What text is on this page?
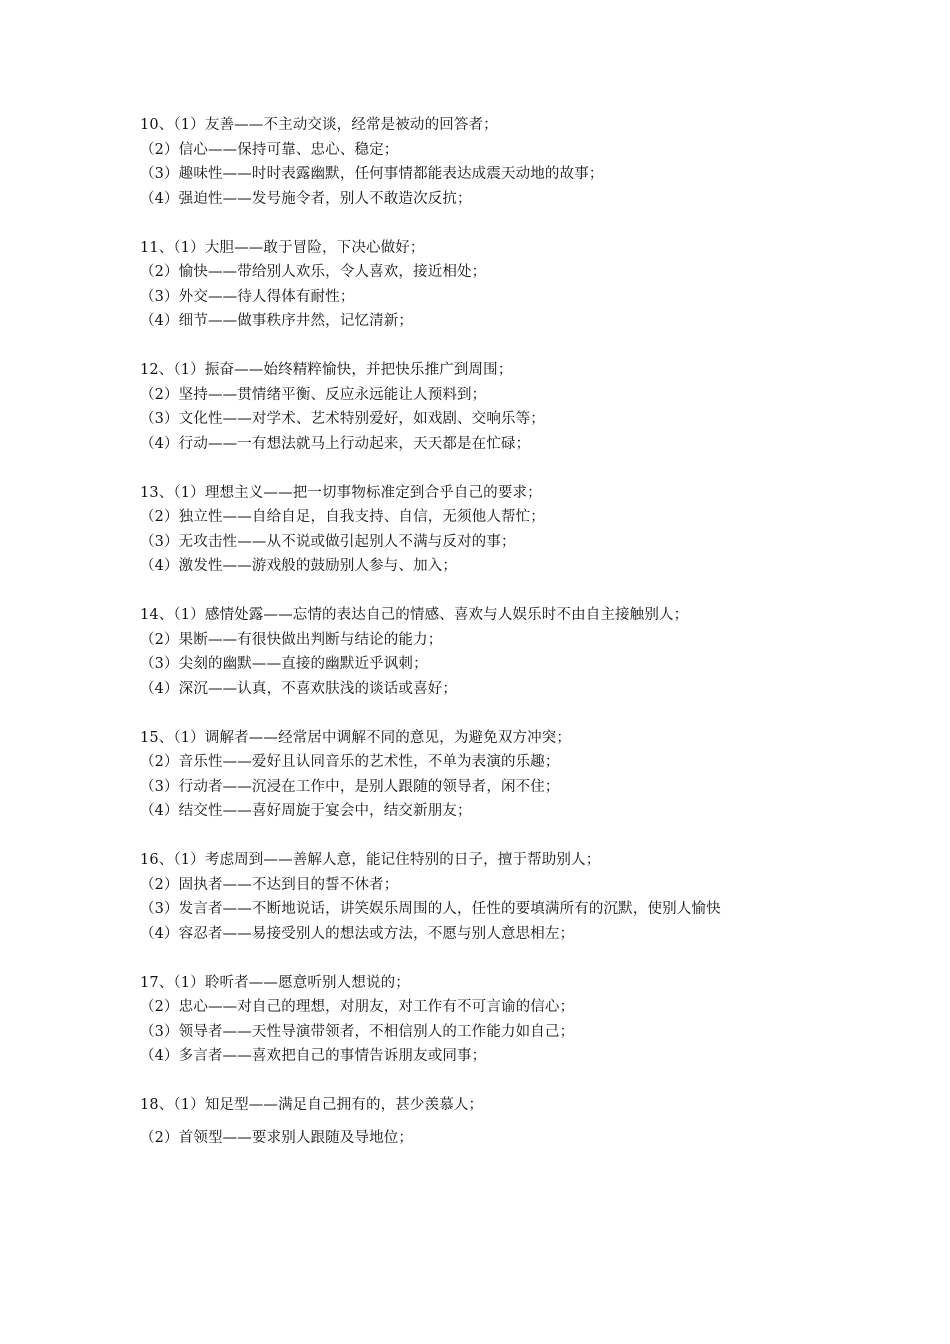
10、（1）友善——不主动交谈，经常是被动的回答者；
（2）信心——保持可靠、忠心、稳定；
（3）趣味性——时时表露幽默，任何事情都能表达成震天动地的故事；
（4）强迫性——发号施令者，别人不敢造次反抗；
11、（1）大胆——敢于冒险，下决心做好；
（2）愉快——带给别人欢乐，令人喜欢，接近相处；
（3）外交——待人得体有耐性；
（4）细节——做事秩序井然，记忆清新；
12、（1）振奋——始终精粹愉快，并把快乐推广到周围；
（2）坚持——贯情绪平衡、反应永远能让人预料到；
（3）文化性——对学术、艺术特别爱好，如戏剧、交响乐等；
（4）行动——一有想法就马上行动起来，天天都是在忙碌；
13、（1）理想主义——把一切事物标准定到合乎自己的要求；
（2）独立性——自给自足，自我支持、自信，无须他人帮忙；
（3）无攻击性——从不说或做引起别人不满与反对的事；
（4）激发性——游戏般的鼓励别人参与、加入；
14、（1）感情处露——忘情的表达自己的情感、喜欢与人娱乐时不由自主接触别人；
（2）果断——有很快做出判断与结论的能力；
（3）尖刻的幽默——直接的幽默近乎讽刺；
（4）深沉——认真，不喜欢肤浅的谈话或喜好；
15、（1）调解者——经常居中调解不同的意见，为避免双方冲突；
（2）音乐性——爱好且认同音乐的艺术性，不单为表演的乐趣；
（3）行动者——沉浸在工作中，是别人跟随的领导者，闲不住；
（4）结交性——喜好周旋于宴会中，结交新朋友；
16、（1）考虑周到——善解人意，能记住特别的日子，擅于帮助别人；
（2）固执者——不达到目的誓不休者；
（3）发言者——不断地说话，讲笑娱乐周围的人，任性的要填满所有的沉默，使别人愉快
（4）容忍者——易接受别人的想法或方法，不愿与别人意思相左；
17、（1）聆听者——愿意听别人想说的；
（2）忠心——对自己的理想，对朋友，对工作有不可言谕的信心；
（3）领导者——天性导演带领者，不相信别人的工作能力如自己；
（4）多言者——喜欢把自己的事情告诉朋友或同事；
18、（1）知足型——满足自己拥有的，甚少羡慕人；
（2）首领型——要求别人跟随及导地位；
